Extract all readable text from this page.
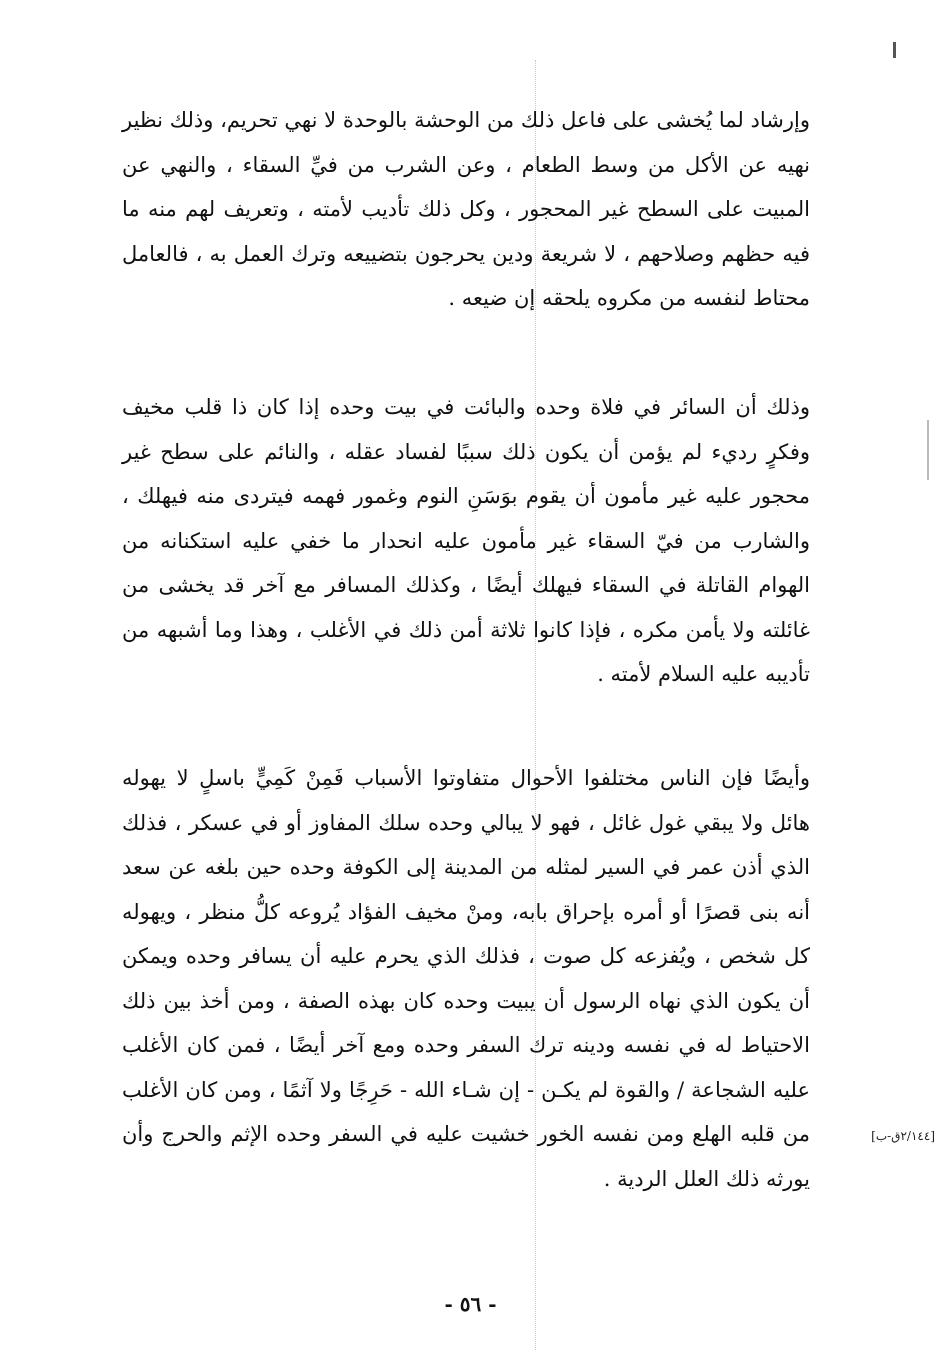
وإرشاد لما يُخشى على فاعل ذلك من الوحشة بالوحدة لا نهي تحريم، وذلك نظير نهيه عن الأكل من وسط الطعام ، وعن الشرب من فيِّ السقاء ، والنهي عن المبيت على السطح غير المحجور ، وكل ذلك تأديب لأمته ، وتعريف لهم منه ما فيه حظهم وصلاحهم ، لا شريعة ودين يحرجون بتضييعه وترك العمل به ، فالعامل محتاط لنفسه من مكروه يلحقه إن ضيعه .

وذلك أن السائر في فلاة وحده والبائت في بيت وحده إذا كان ذا قلب مخيف وفكرٍ رديء لم يؤمن أن يكون ذلك سببًا لفساد عقله ، والنائم على سطح غير محجور عليه غير مأمون أن يقوم بوَسَنِ النوم وغمور فهمه فيتردى منه فيهلك ، والشارب من فيّ السقاء غير مأمون عليه انحدار ما خفي عليه استكنانه من الهوام القاتلة في السقاء فيهلك أيضًا ، وكذلك المسافر مع آخر قد يخشى من غائلته ولا يأمن مكره ، فإذا كانوا ثلاثة أمن ذلك في الأغلب ، وهذا وما أشبهه من تأديبه عليه السلام لأمته .

وأيضًا فإن الناس مختلفوا الأحوال متفاوتوا الأسباب فَمِنْ كَمِيٍّ باسلٍ لا يهوله هائل ولا يبقي غول غائل ، فهو لا يبالي وحده سلك المفاوز أو في عسكر ، فذلك الذي أذن عمر في السير لمثله من المدينة إلى الكوفة وحده حين بلغه عن سعد أنه بنى قصرًا أو أمره بإحراق بابه، ومنْ مخيف الفؤاد يُروعه كلُّ منظر ، ويهوله كل شخص ، ويُفزعه كل صوت ، فذلك الذي يحرم عليه أن يسافر وحده ويمكن أن يكون الذي نهاه الرسول أن يبيت وحده كان بهذه الصفة ، ومن أخذ بين ذلك الاحتياط له في نفسه ودينه ترك السفر وحده ومع آخر أيضًا ، فمن كان الأغلب عليه الشجاعة / والقوة لم يكـن - إن شـاء الله - حَرِجًا ولا آثمًا ، ومن كان الأغلب من قلبه الهلع ومن نفسه الخور خشيت عليه في السفر وحده الإثم والحرج وأن يورثه ذلك العلل الردية .

[٢/١٤٤ق-ب]
- ٥٦ -
